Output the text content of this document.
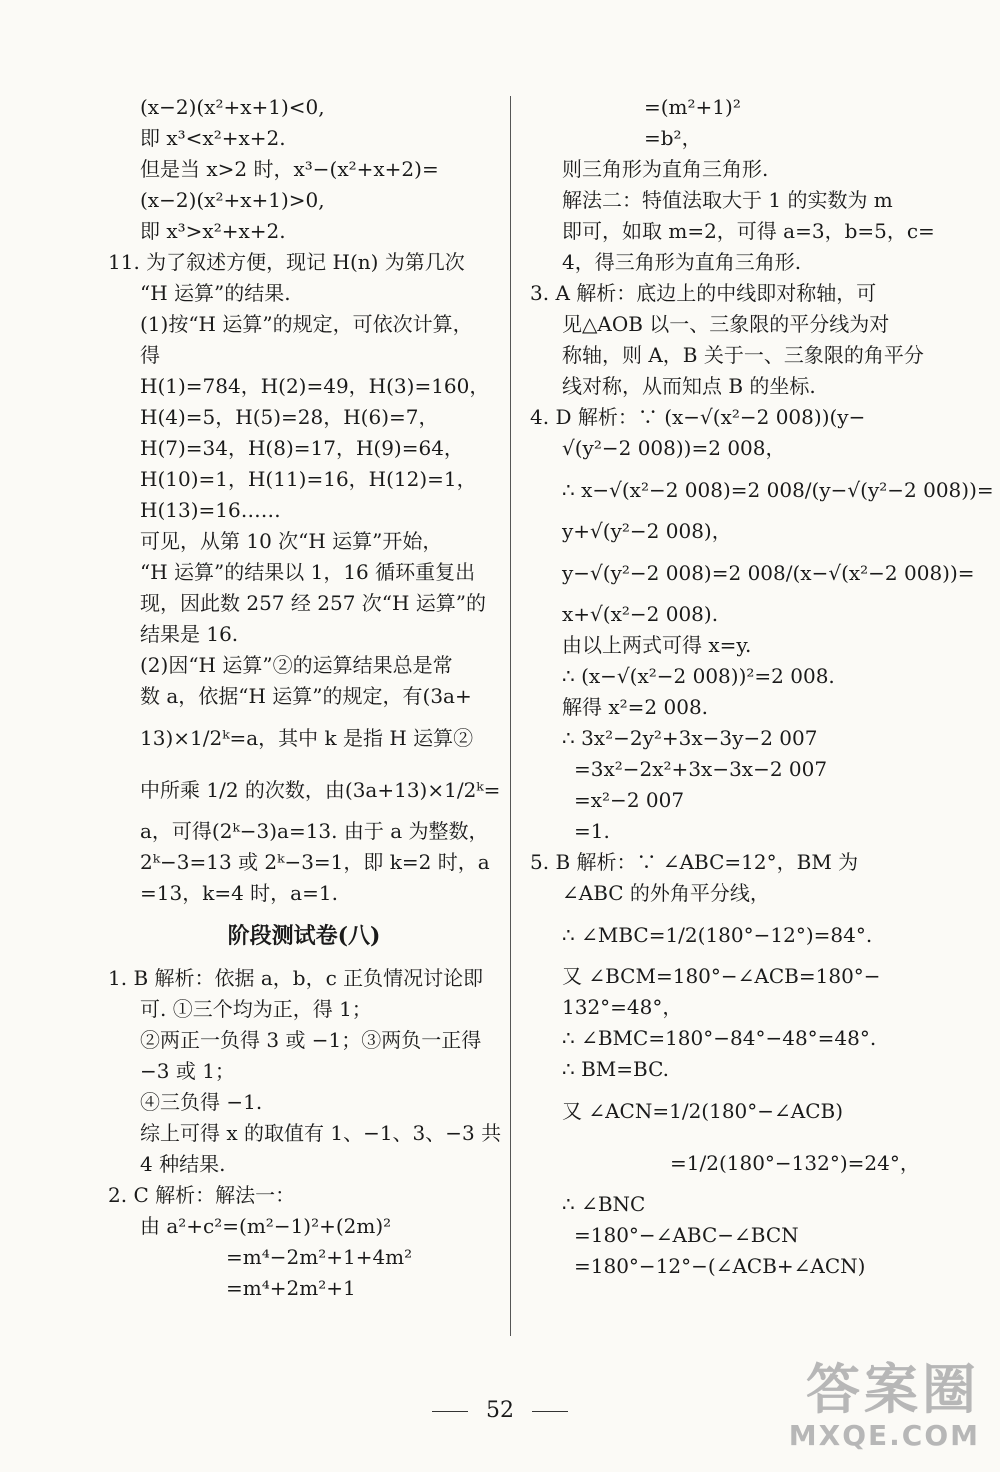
(x−2)(x²+x+1)<0,
即 x³<x²+x+2.
但是当 x>2 时，x³−(x²+x+2)=
(x−2)(x²+x+1)>0,
即 x³>x²+x+2.
11. 为了叙述方便，现记 H(n) 为第几次
“H 运算”的结果.
(1)按“H 运算”的规定，可依次计算，
得
H(1)=784，H(2)=49，H(3)=160，
H(4)=5，H(5)=28，H(6)=7，
H(7)=34，H(8)=17，H(9)=64，
H(10)=1，H(11)=16，H(12)=1，
H(13)=16……
可见，从第 10 次“H 运算”开始，
“H 运算”的结果以 1，16 循环重复出
现，因此数 257 经 257 次“H 运算”的
结果是 16.
(2)因“H 运算”②的运算结果总是常
数 a，依据“H 运算”的规定，有(3a+
13)×1/2ᵏ=a，其中 k 是指 H 运算②
中所乘 1/2 的次数，由(3a+13)×1/2ᵏ=
a，可得(2ᵏ−3)a=13. 由于 a 为整数，
2ᵏ−3=13 或 2ᵏ−3=1，即 k=2 时，a
=13，k=4 时，a=1.
阶段测试卷(八)
1. B 解析：依据 a，b，c 正负情况讨论即
可. ①三个均为正，得 1；
②两正一负得 3 或 −1；③两负一正得
−3 或 1；
④三负得 −1.
综上可得 x 的取值有 1、−1、3、−3 共
4 种结果.
2. C 解析：解法一：
由 a²+c²=(m²−1)²+(2m)²
=m⁴−2m²+1+4m²
=m⁴+2m²+1
=(m²+1)²
=b²，
则三角形为直角三角形.
解法二：特值法取大于 1 的实数为 m
即可，如取 m=2，可得 a=3，b=5，c=
4，得三角形为直角三角形.
3. A 解析：底边上的中线即对称轴，可
见△AOB 以一、三象限的平分线为对
称轴，则 A，B 关于一、三象限的角平分
线对称，从而知点 B 的坐标.
4. D 解析：∵ (x−√(x²−2 008))(y−
√(y²−2 008))=2 008，
∴ x−√(x²−2 008)=2 008/(y−√(y²−2 008))=
y+√(y²−2 008)，
y−√(y²−2 008)=2 008/(x−√(x²−2 008))=
x+√(x²−2 008).
由以上两式可得 x=y.
∴ (x−√(x²−2 008))²=2 008.
解得 x²=2 008.
∴ 3x²−2y²+3x−3y−2 007
=3x²−2x²+3x−3x−2 007
=x²−2 007
=1.
5. B 解析：∵ ∠ABC=12°，BM 为
∠ABC 的外角平分线，
∴ ∠MBC=1/2(180°−12°)=84°.
又 ∠BCM=180°−∠ACB=180°−
132°=48°，
∴ ∠BMC=180°−84°−48°=48°.
∴ BM=BC.
又 ∠ACN=1/2(180°−∠ACB)
=1/2(180°−132°)=24°，
∴ ∠BNC
=180°−∠ABC−∠BCN
=180°−12°−(∠ACB+∠ACN)
52	答案圈
MXQE.COM
